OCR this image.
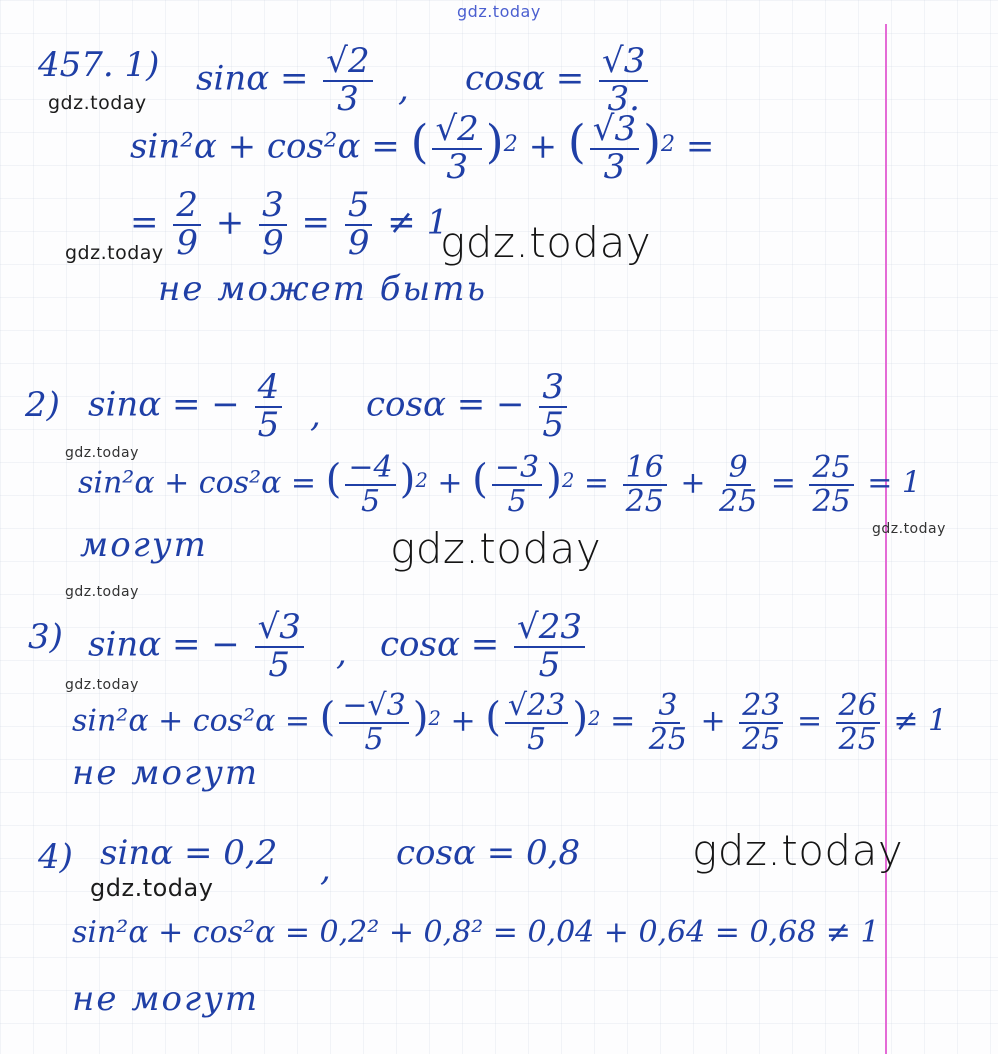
gdz.today
gdz.today
gdz.today	gdz.today
gdz.today
gdz.today
gdz.today
gdz.today
gdz.today
gdz.today
gdz.today
457. 1) $\sin\alpha = \frac{√2}{3}$ , $\cos\alpha = \frac{√3}{3.}$
sin²α + cos²α = ( $\frac{√2}{3} )^2$ + ( $\frac{√3}{3} )^2$ =
= $\frac{2}{9} + \frac{3}{9} = \frac{5}{9} \ne 1$
не может быть
2) sinα = − $\frac{4}{5}$ , cosα = − $\frac{3}{5}$
sin²α + cos²α = ( $\frac{-4}{5} )^2$ + ( $\frac{-3}{5} )^2 = \frac{16}{25} + \frac{9}{25} = \frac{25}{25} = 1$
могут
3) sinα = − $\frac{√3}{5}$ , $\cos\alpha = \frac{√23}{5}$
sin²α + cos²α = ( $\frac{-√3}{5} )^2$ + ( $\frac{√23}{5} )^2 = \frac{3}{25} + \frac{23}{25} = \frac{26}{25} \ne 1$
не могут
4) sinα = 0,2 , cosα = 0,8
sin²α + cos²α = 0,2² + 0,8² = 0,04 + 0,64 = 0,68 ≠ 1
не могут
